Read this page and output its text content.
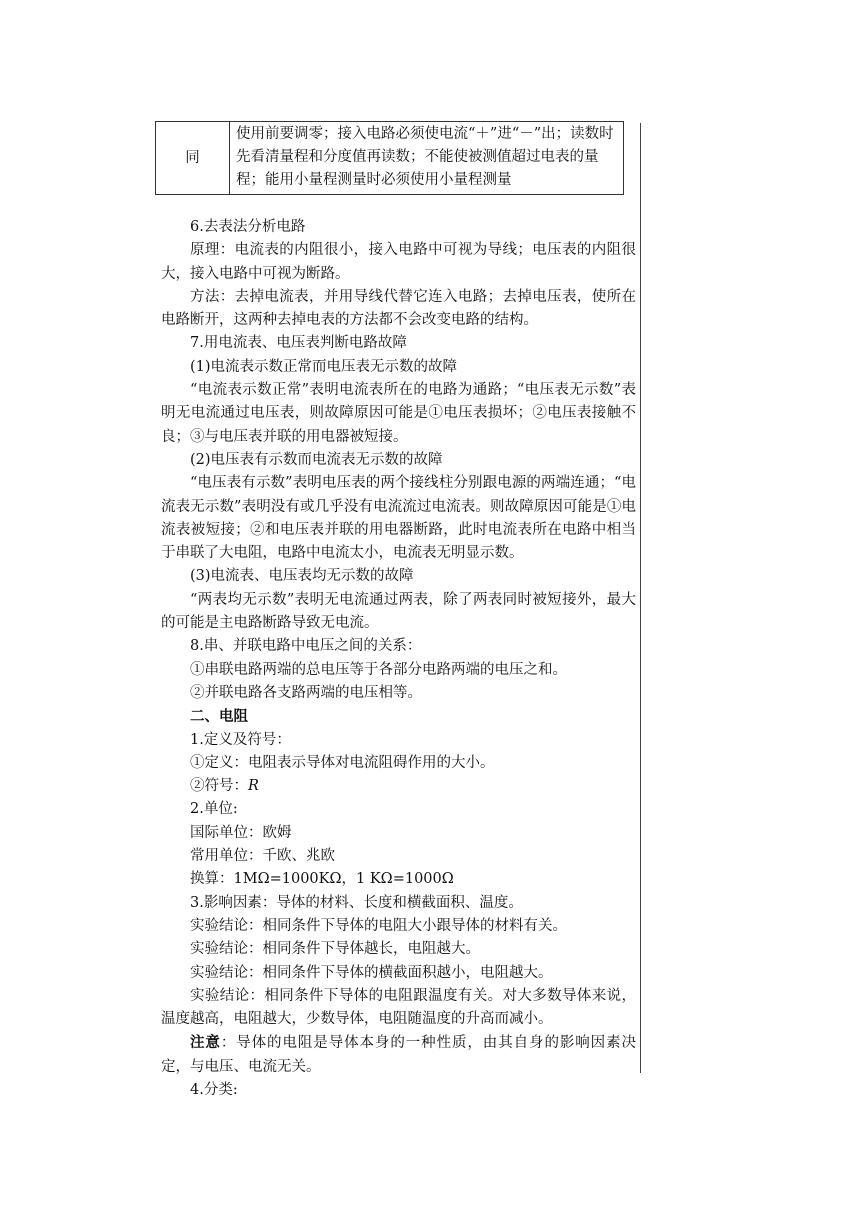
同	使用前要调零；接入电路必须使电流“＋”进“－”出；读数时先看清量程和分度值再读数；不能使被测值超过电表的量程；能用小量程测量时必须使用小量程测量

6.去表法分析电路

原理：电流表的内阻很小，接入电路中可视为导线；电压表的内阻很大，接入电路中可视为断路。

方法：去掉电流表，并用导线代替它连入电路；去掉电压表，使所在电路断开，这两种去掉电表的方法都不会改变电路的结构。

7.用电流表、电压表判断电路故障

(1)电流表示数正常而电压表无示数的故障

“电流表示数正常”表明电流表所在的电路为通路；“电压表无示数”表明无电流通过电压表，则故障原因可能是①电压表损坏；②电压表接触不良；③与电压表并联的用电器被短接。

(2)电压表有示数而电流表无示数的故障

“电压表有示数”表明电压表的两个接线柱分别跟电源的两端连通；“电流表无示数”表明没有或几乎没有电流流过电流表。则故障原因可能是①电流表被短接；②和电压表并联的用电器断路，此时电流表所在电路中相当于串联了大电阻，电路中电流太小，电流表无明显示数。

(3)电流表、电压表均无示数的故障

“两表均无示数”表明无电流通过两表，除了两表同时被短接外，最大的可能是主电路断路导致无电流。

8.串、并联电路中电压之间的关系：

①串联电路两端的总电压等于各部分电路两端的电压之和。

②并联电路各支路两端的电压相等。

二、电阻

1.定义及符号：

①定义：电阻表示导体对电流阻碍作用的大小。

②符号：R

2.单位:

国际单位：欧姆

常用单位：千欧、兆欧

换算：1MΩ=1000KΩ，1 KΩ=1000Ω

3.影响因素：导体的材料、长度和横截面积、温度。

实验结论：相同条件下导体的电阻大小跟导体的材料有关。

实验结论：相同条件下导体越长，电阻越大。

实验结论：相同条件下导体的横截面积越小，电阻越大。

实验结论：相同条件下导体的电阻跟温度有关。对大多数导体来说，温度越高，电阻越大，少数导体，电阻随温度的升高而减小。

注意：导体的电阻是导体本身的一种性质，由其自身的影响因素决定，与电压、电流无关。

4.分类:
